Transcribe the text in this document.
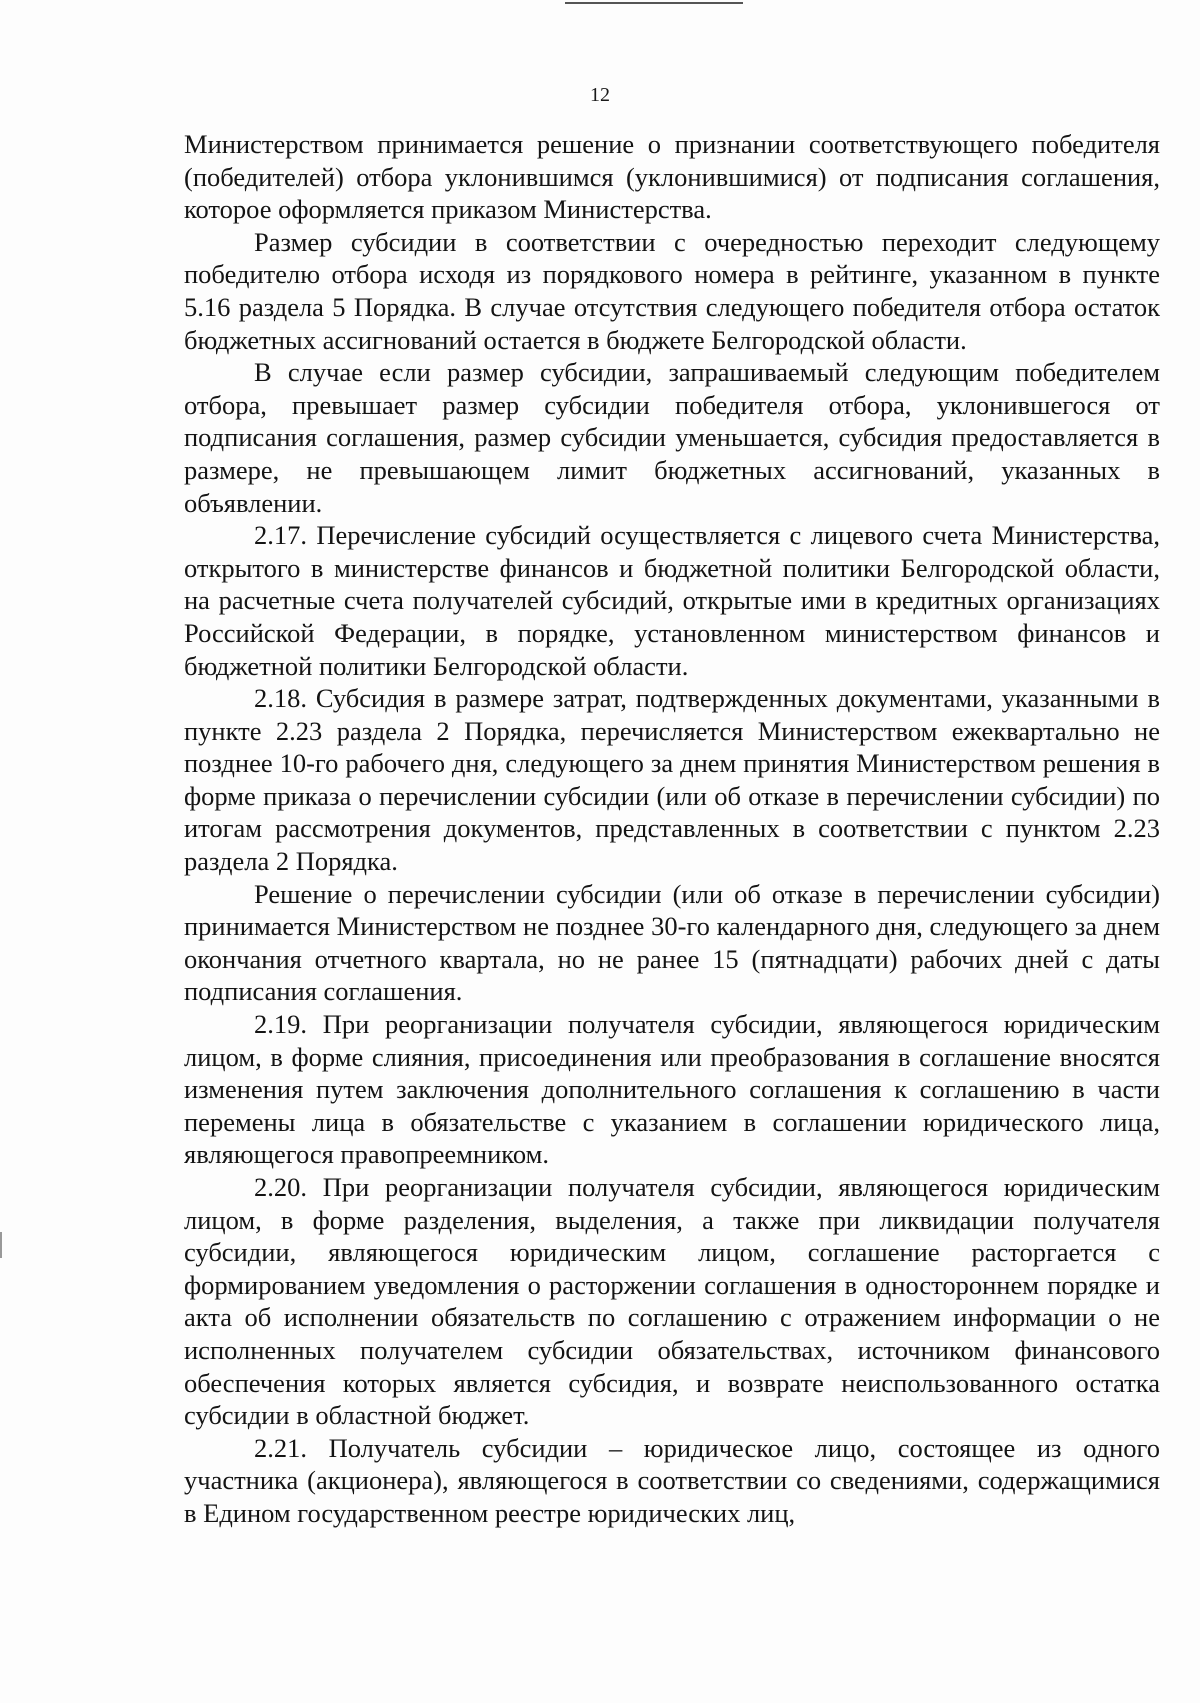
12

Министерством принимается решение о признании соответствующего победителя (победителей) отбора уклонившимся (уклонившимися) от подписания соглашения, которое оформляется приказом Министерства.

Размер субсидии в соответствии с очередностью переходит следующему победителю отбора исходя из порядкового номера в рейтинге, указанном в пункте 5.16 раздела 5 Порядка. В случае отсутствия следующего победителя отбора остаток бюджетных ассигнований остается в бюджете Белгородской области.

В случае если размер субсидии, запрашиваемый следующим победителем отбора, превышает размер субсидии победителя отбора, уклонившегося от подписания соглашения, размер субсидии уменьшается, субсидия предоставляется в размере, не превышающем лимит бюджетных ассигнований, указанных в объявлении.

2.17. Перечисление субсидий осуществляется с лицевого счета Министерства, открытого в министерстве финансов и бюджетной политики Белгородской области, на расчетные счета получателей субсидий, открытые ими в кредитных организациях Российской Федерации, в порядке, установленном министерством финансов и бюджетной политики Белгородской области.

2.18. Субсидия в размере затрат, подтвержденных документами, указанными в пункте 2.23 раздела 2 Порядка, перечисляется Министерством ежеквартально не позднее 10-го рабочего дня, следующего за днем принятия Министерством решения в форме приказа о перечислении субсидии (или об отказе в перечислении субсидии) по итогам рассмотрения документов, представленных в соответствии с пунктом 2.23 раздела 2 Порядка.

Решение о перечислении субсидии (или об отказе в перечислении субсидии) принимается Министерством не позднее 30-го календарного дня, следующего за днем окончания отчетного квартала, но не ранее 15 (пятнадцати) рабочих дней с даты подписания соглашения.

2.19. При реорганизации получателя субсидии, являющегося юридическим лицом, в форме слияния, присоединения или преобразования в соглашение вносятся изменения путем заключения дополнительного соглашения к соглашению в части перемены лица в обязательстве с указанием в соглашении юридического лица, являющегося правопреемником.

2.20. При реорганизации получателя субсидии, являющегося юридическим лицом, в форме разделения, выделения, а также при ликвидации получателя субсидии, являющегося юридическим лицом, соглашение расторгается с формированием уведомления о расторжении соглашения в одностороннем порядке и акта об исполнении обязательств по соглашению с отражением информации о не исполненных получателем субсидии обязательствах, источником финансового обеспечения которых является субсидия, и возврате неиспользованного остатка субсидии в областной бюджет.

2.21. Получатель субсидии – юридическое лицо, состоящее из одного участника (акционера), являющегося в соответствии со сведениями, содержащимися в Едином государственном реестре юридических лиц,
